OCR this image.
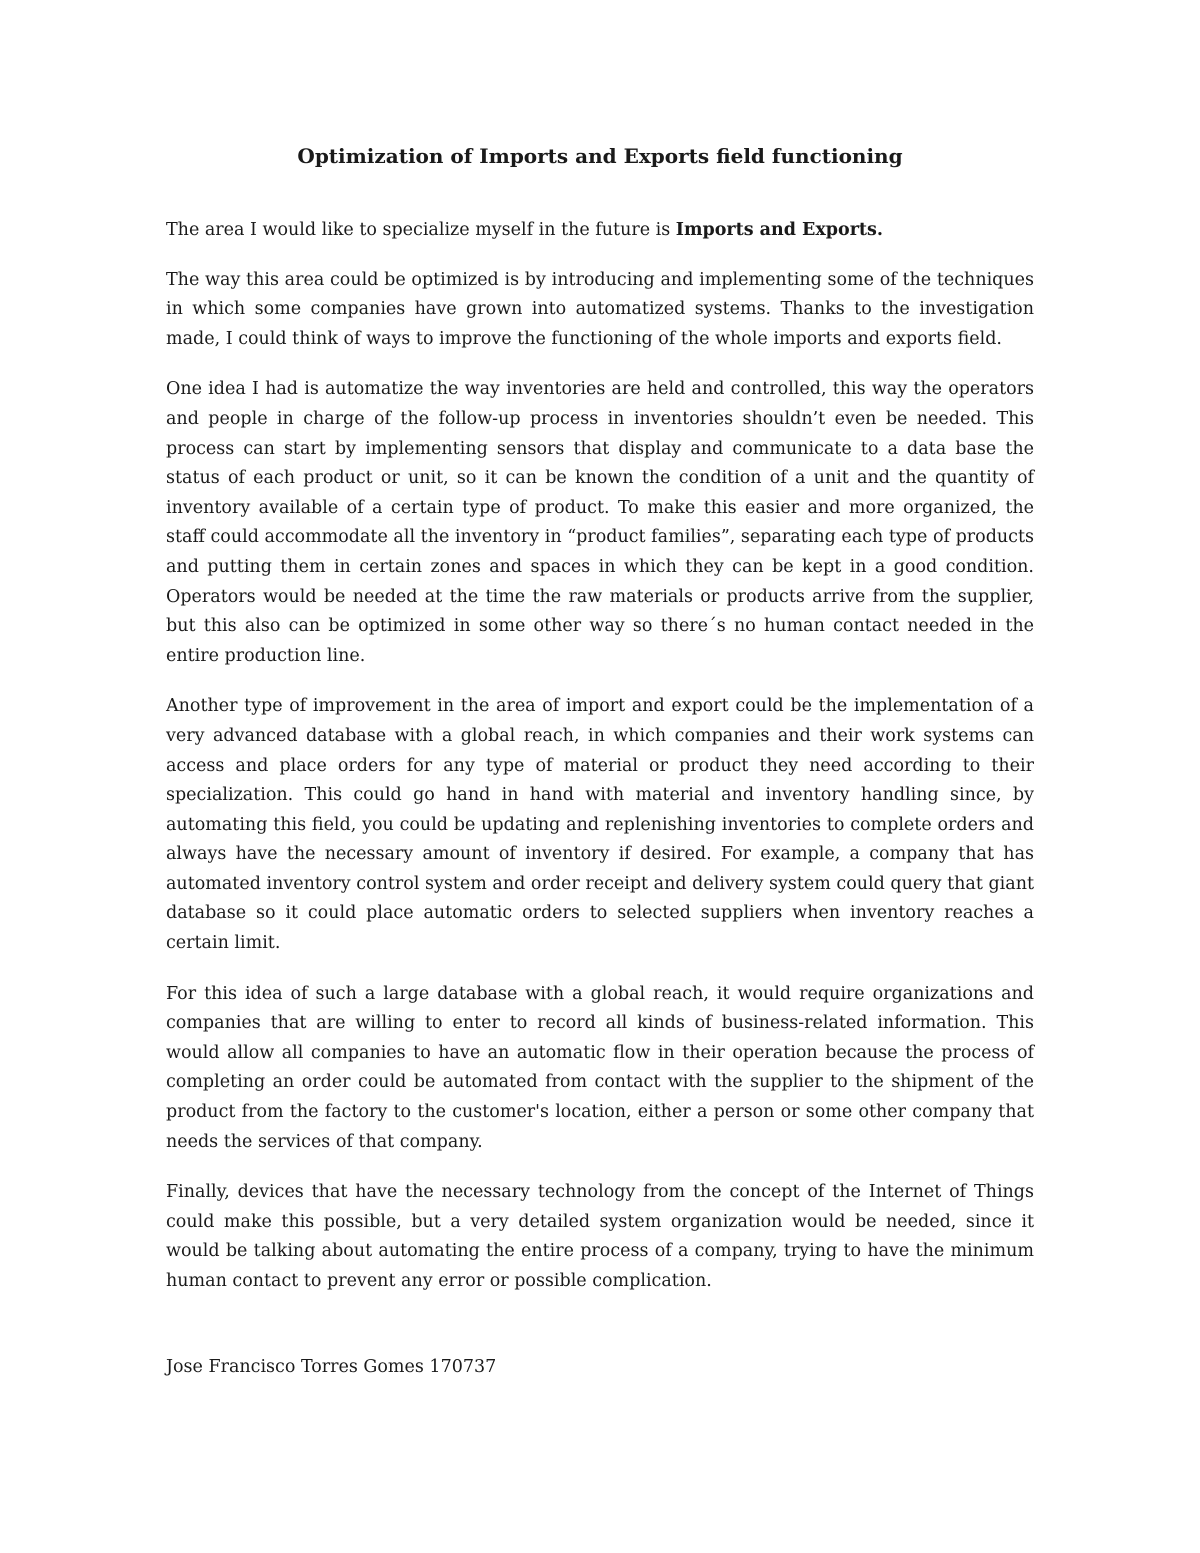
Optimization of Imports and Exports field functioning

The area I would like to specialize myself in the future is Imports and Exports.

The way this area could be optimized is by introducing and implementing some of the techniques in which some companies have grown into automatized systems. Thanks to the investigation made, I could think of ways to improve the functioning of the whole imports and exports field.

One idea I had is automatize the way inventories are held and controlled, this way the operators and people in charge of the follow-up process in inventories shouldn’t even be needed. This process can start by implementing sensors that display and communicate to a data base the status of each product or unit, so it can be known the condition of a unit and the quantity of inventory available of a certain type of product. To make this easier and more organized, the staff could accommodate all the inventory in “product families”, separating each type of products and putting them in certain zones and spaces in which they can be kept in a good condition. Operators would be needed at the time the raw materials or products arrive from the supplier, but this also can be optimized in some other way so there´s no human contact needed in the entire production line.

Another type of improvement in the area of import and export could be the implementation of a very advanced database with a global reach, in which companies and their work systems can access and place orders for any type of material or product they need according to their specialization. This could go hand in hand with material and inventory handling since, by automating this field, you could be updating and replenishing inventories to complete orders and always have the necessary amount of inventory if desired. For example, a company that has automated inventory control system and order receipt and delivery system could query that giant database so it could place automatic orders to selected suppliers when inventory reaches a certain limit.

For this idea of such a large database with a global reach, it would require organizations and companies that are willing to enter to record all kinds of business-related information. This would allow all companies to have an automatic flow in their operation because the process of completing an order could be automated from contact with the supplier to the shipment of the product from the factory to the customer's location, either a person or some other company that needs the services of that company.

Finally, devices that have the necessary technology from the concept of the Internet of Things could make this possible, but a very detailed system organization would be needed, since it would be talking about automating the entire process of a company, trying to have the minimum human contact to prevent any error or possible complication.

Jose Francisco Torres Gomes 170737
